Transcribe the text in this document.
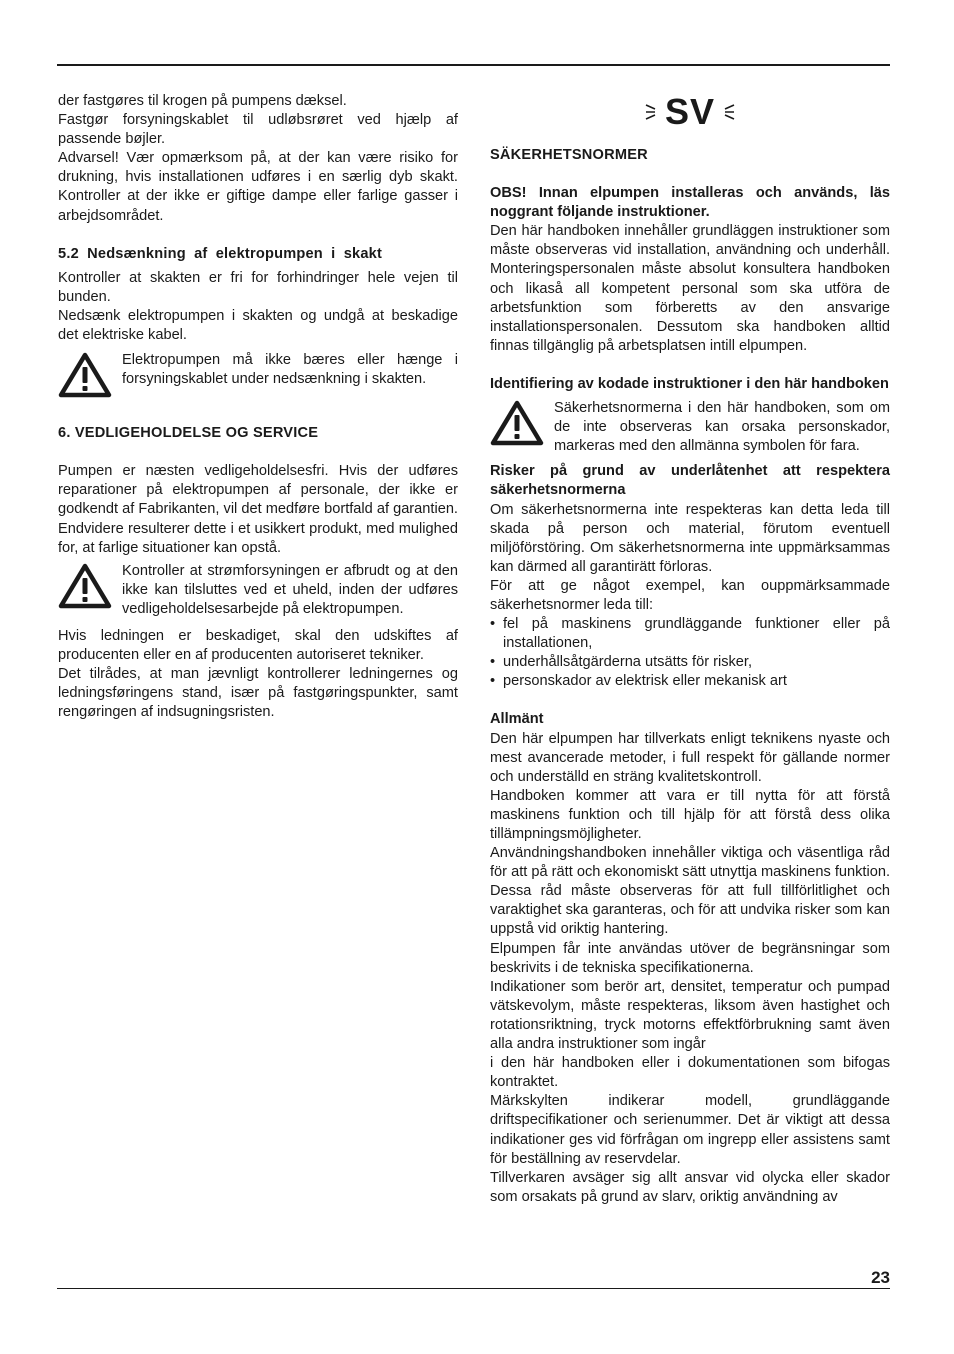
der fastgøres til krogen på pumpens dæksel.

Fastgør forsyningskablet til udløbsrøret ved hjælp af passende bøjler.

Advarsel! Vær opmærksom på, at der kan være risiko for drukning, hvis installationen udføres i en særlig dyb skakt. Kontroller at der ikke er giftige dampe eller farlige gasser i arbejdsområdet.

5.2 Nedsænkning af elektropumpen i skakt

Kontroller at skakten er fri for forhindringer hele vejen til bunden.

Nedsænk elektropumpen i skakten og undgå at beskadige det elektriske kabel.

Elektropumpen må ikke bæres eller hænge i forsyningskablet under nedsænkning i skakten.

6. VEDLIGEHOLDELSE OG SERVICE

Pumpen er næsten vedligeholdelsesfri. Hvis der udføres reparationer på elektropumpen af personale, der ikke er godkendt af Fabrikanten, vil det medføre bortfald af garantien. Endvidere resulterer dette i et usikkert produkt, med mulighed for, at farlige situationer kan opstå.

Kontroller at strømforsyningen er afbrudt og at den ikke kan tilsluttes ved et uheld, inden der udføres vedligeholdelsesarbejde på elektropumpen.

Hvis ledningen er beskadiget, skal den udskiftes af producenten eller en af producenten autoriseret tekniker.

Det tilrådes, at man jævnligt kontrollerer ledningernes og ledningsføringens stand, især på fastgøringspunkter, samt rengøringen af indsugningsristen.

SV

SÄKERHETSNORMER

OBS! Innan elpumpen installeras och används, läs noggrant följande instruktioner.

Den här handboken innehåller grundläggen instruktioner som måste observeras vid installation, användning och underhåll. Monteringspersonalen måste absolut konsultera handboken och likaså all kompetent personal som ska utföra de arbetsfunktion som förberetts av den ansvarige installationspersonalen. Dessutom ska handboken alltid finnas tillgänglig på arbetsplatsen intill elpumpen.

Identifiering av kodade instruktioner i den här handboken

Säkerhetsnormerna i den här handboken, som om de inte observeras kan orsaka personskador, markeras med den allmänna symbolen för fara.

Risker på grund av underlåtenhet att respektera säkerhetsnormerna

Om säkerhetsnormerna inte respekteras kan detta leda till skada på person och material, förutom eventuell miljöförstöring. Om säkerhetsnormerna inte uppmärksammas kan därmed all garantirätt förloras.

För att ge något exempel, kan ouppmärksammade säkerhetsnormer leda till:

• fel på maskinens grundläggande funktioner eller på installationen,
• underhållsåtgärderna utsätts för risker,
• personskador av elektrisk eller mekanisk art

Allmänt

Den här elpumpen har tillverkats enligt teknikens nyaste och mest avancerade metoder, i full respekt för gällande normer och underställd en sträng kvalitetskontroll.

Handboken kommer att vara er till nytta för att förstå maskinens funktion och till hjälp för att förstå dess olika tillämpningsmöjligheter.

Användningshandboken innehåller viktiga och väsentliga råd för att på rätt och ekonomiskt sätt utnyttja maskinens funktion. Dessa råd måste observeras för att full tillförlitlighet och varaktighet ska garanteras, och för att undvika risker som kan uppstå vid oriktig hantering.

Elpumpen får inte användas utöver de begränsningar som beskrivits i de tekniska specifikationerna.

Indikationer som berör art, densitet, temperatur och pumpad vätskevolym, måste respekteras, liksom även hastighet och rotationsriktning, tryck motorns effektförbrukning samt även alla andra instruktioner som ingår

i den här handboken eller i dokumentationen som bifogas kontraktet.

Märkskylten indikerar modell, grundläggande driftspecifikationer och serienummer. Det är viktigt att dessa indikationer ges vid förfrågan om ingrepp eller assistens samt för beställning av reservdelar.

Tillverkaren avsäger sig allt ansvar vid olycka eller skador som orsakats på grund av slarv, oriktig användning av

23
